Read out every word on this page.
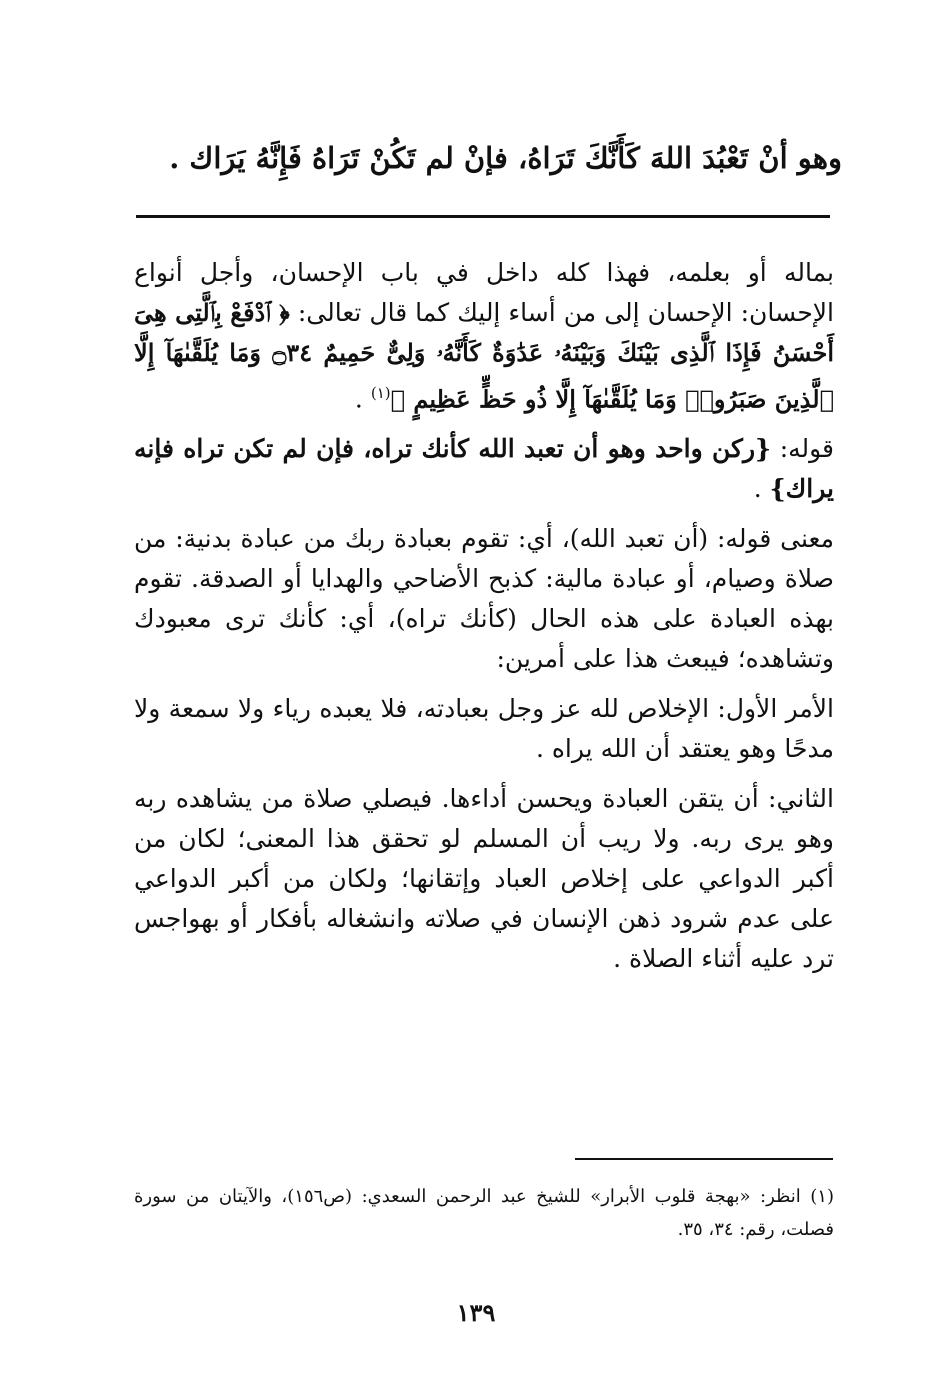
وهو أنْ تَعْبُدَ اللهَ كَأَنَّكَ تَرَاهُ، فإنْ لم تَكُنْ تَرَاهُ فَإِنَّهُ يَرَاك .

بماله أو بعلمه، فهذا كله داخل في باب الإحسان، وأجل أنواع الإحسان: الإحسان إلى من أساء إليك كما قال تعالى: ﴿ ٱدْفَعْ بِٱلَّتِى هِىَ أَحْسَنُ فَإِذَا ٱلَّذِى بَيْنَكَ وَبَيْنَهُۥ عَدَٰوَةٌ كَأَنَّهُۥ وَلِىٌّ حَمِيمٌ ۝٣٤ وَمَا يُلَقَّىٰهَآ إِلَّا ٱلَّذِينَ صَبَرُوا۟ وَمَا يُلَقَّىٰهَآ إِلَّا ذُو حَظٍّ عَظِيمٍ ﴾$^{(١)}$ .

قوله: {ركن واحد وهو أن تعبد الله كأنك تراه، فإن لم تكن تراه فإنه يراك} .

معنى قوله: (أن تعبد الله)، أي: تقوم بعبادة ربك من عبادة بدنية: من صلاة وصيام، أو عبادة مالية: كذبح الأضاحي والهدايا أو الصدقة. تقوم بهذه العبادة على هذه الحال (كأنك تراه)، أي: كأنك ترى معبودك وتشاهده؛ فيبعث هذا على أمرين:

الأمر الأول: الإخلاص لله عز وجل بعبادته، فلا يعبده رياء ولا سمعة ولا مدحًا وهو يعتقد أن الله يراه .

الثاني: أن يتقن العبادة ويحسن أداءها. فيصلي صلاة من يشاهده ربه وهو يرى ربه. ولا ريب أن المسلم لو تحقق هذا المعنى؛ لكان من أكبر الدواعي على إخلاص العباد وإتقانها؛ ولكان من أكبر الدواعي على عدم شرود ذهن الإنسان في صلاته وانشغاله بأفكار أو بهواجس ترد عليه أثناء الصلاة .

(١) انظر: «بهجة قلوب الأبرار» للشيخ عبد الرحمن السعدي: (ص١٥٦)، والآيتان من سورة فصلت، رقم: ٣٤، ٣٥.
١٣٩
